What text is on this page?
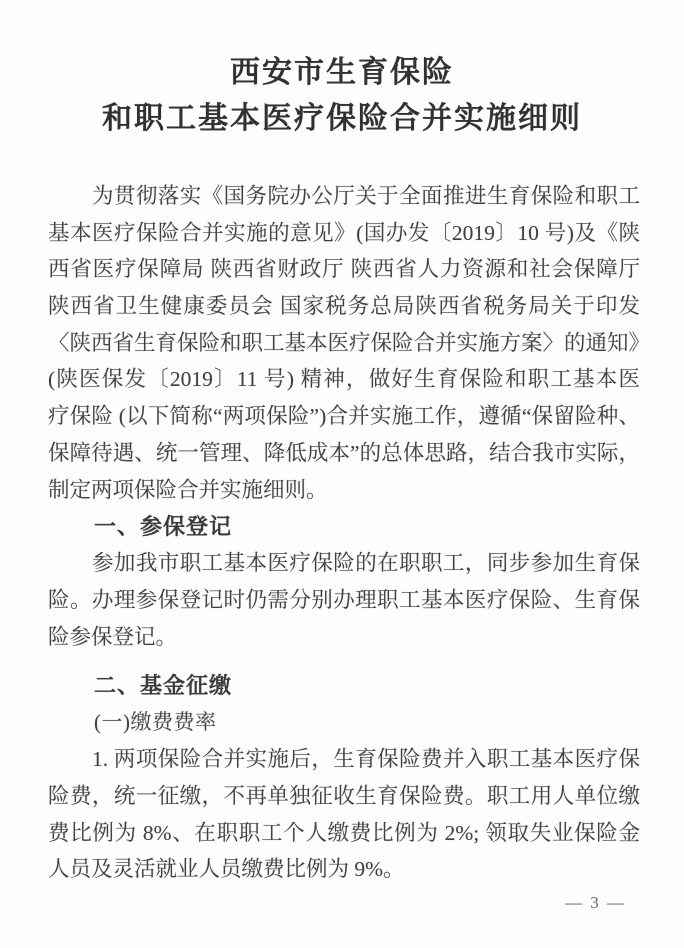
西安市生育保险
和职工基本医疗保险合并实施细则
为贯彻落实《国务院办公厅关于全面推进生育保险和职工
基本医疗保险合并实施的意见》(国办发〔2019〕10 号)及《陕
西省医疗保障局 陕西省财政厅 陕西省人力资源和社会保障厅
陕西省卫生健康委员会 国家税务总局陕西省税务局关于印发
〈陕西省生育保险和职工基本医疗保险合并实施方案〉的通知》
(陕医保发〔2019〕11 号) 精神，做好生育保险和职工基本医
疗保险 (以下简称“两项保险”)合并实施工作，遵循“保留险种、
保障待遇、统一管理、降低成本”的总体思路，结合我市实际，
制定两项保险合并实施细则。
一、参保登记
参加我市职工基本医疗保险的在职职工，同步参加生育保
险。办理参保登记时仍需分别办理职工基本医疗保险、生育保
险参保登记。
二、基金征缴
(一)缴费费率
1. 两项保险合并实施后，生育保险费并入职工基本医疗保
险费，统一征缴，不再单独征收生育保险费。职工用人单位缴
费比例为 8%、在职职工个人缴费比例为 2%; 领取失业保险金
人员及灵活就业人员缴费比例为 9%。
— 3 —
